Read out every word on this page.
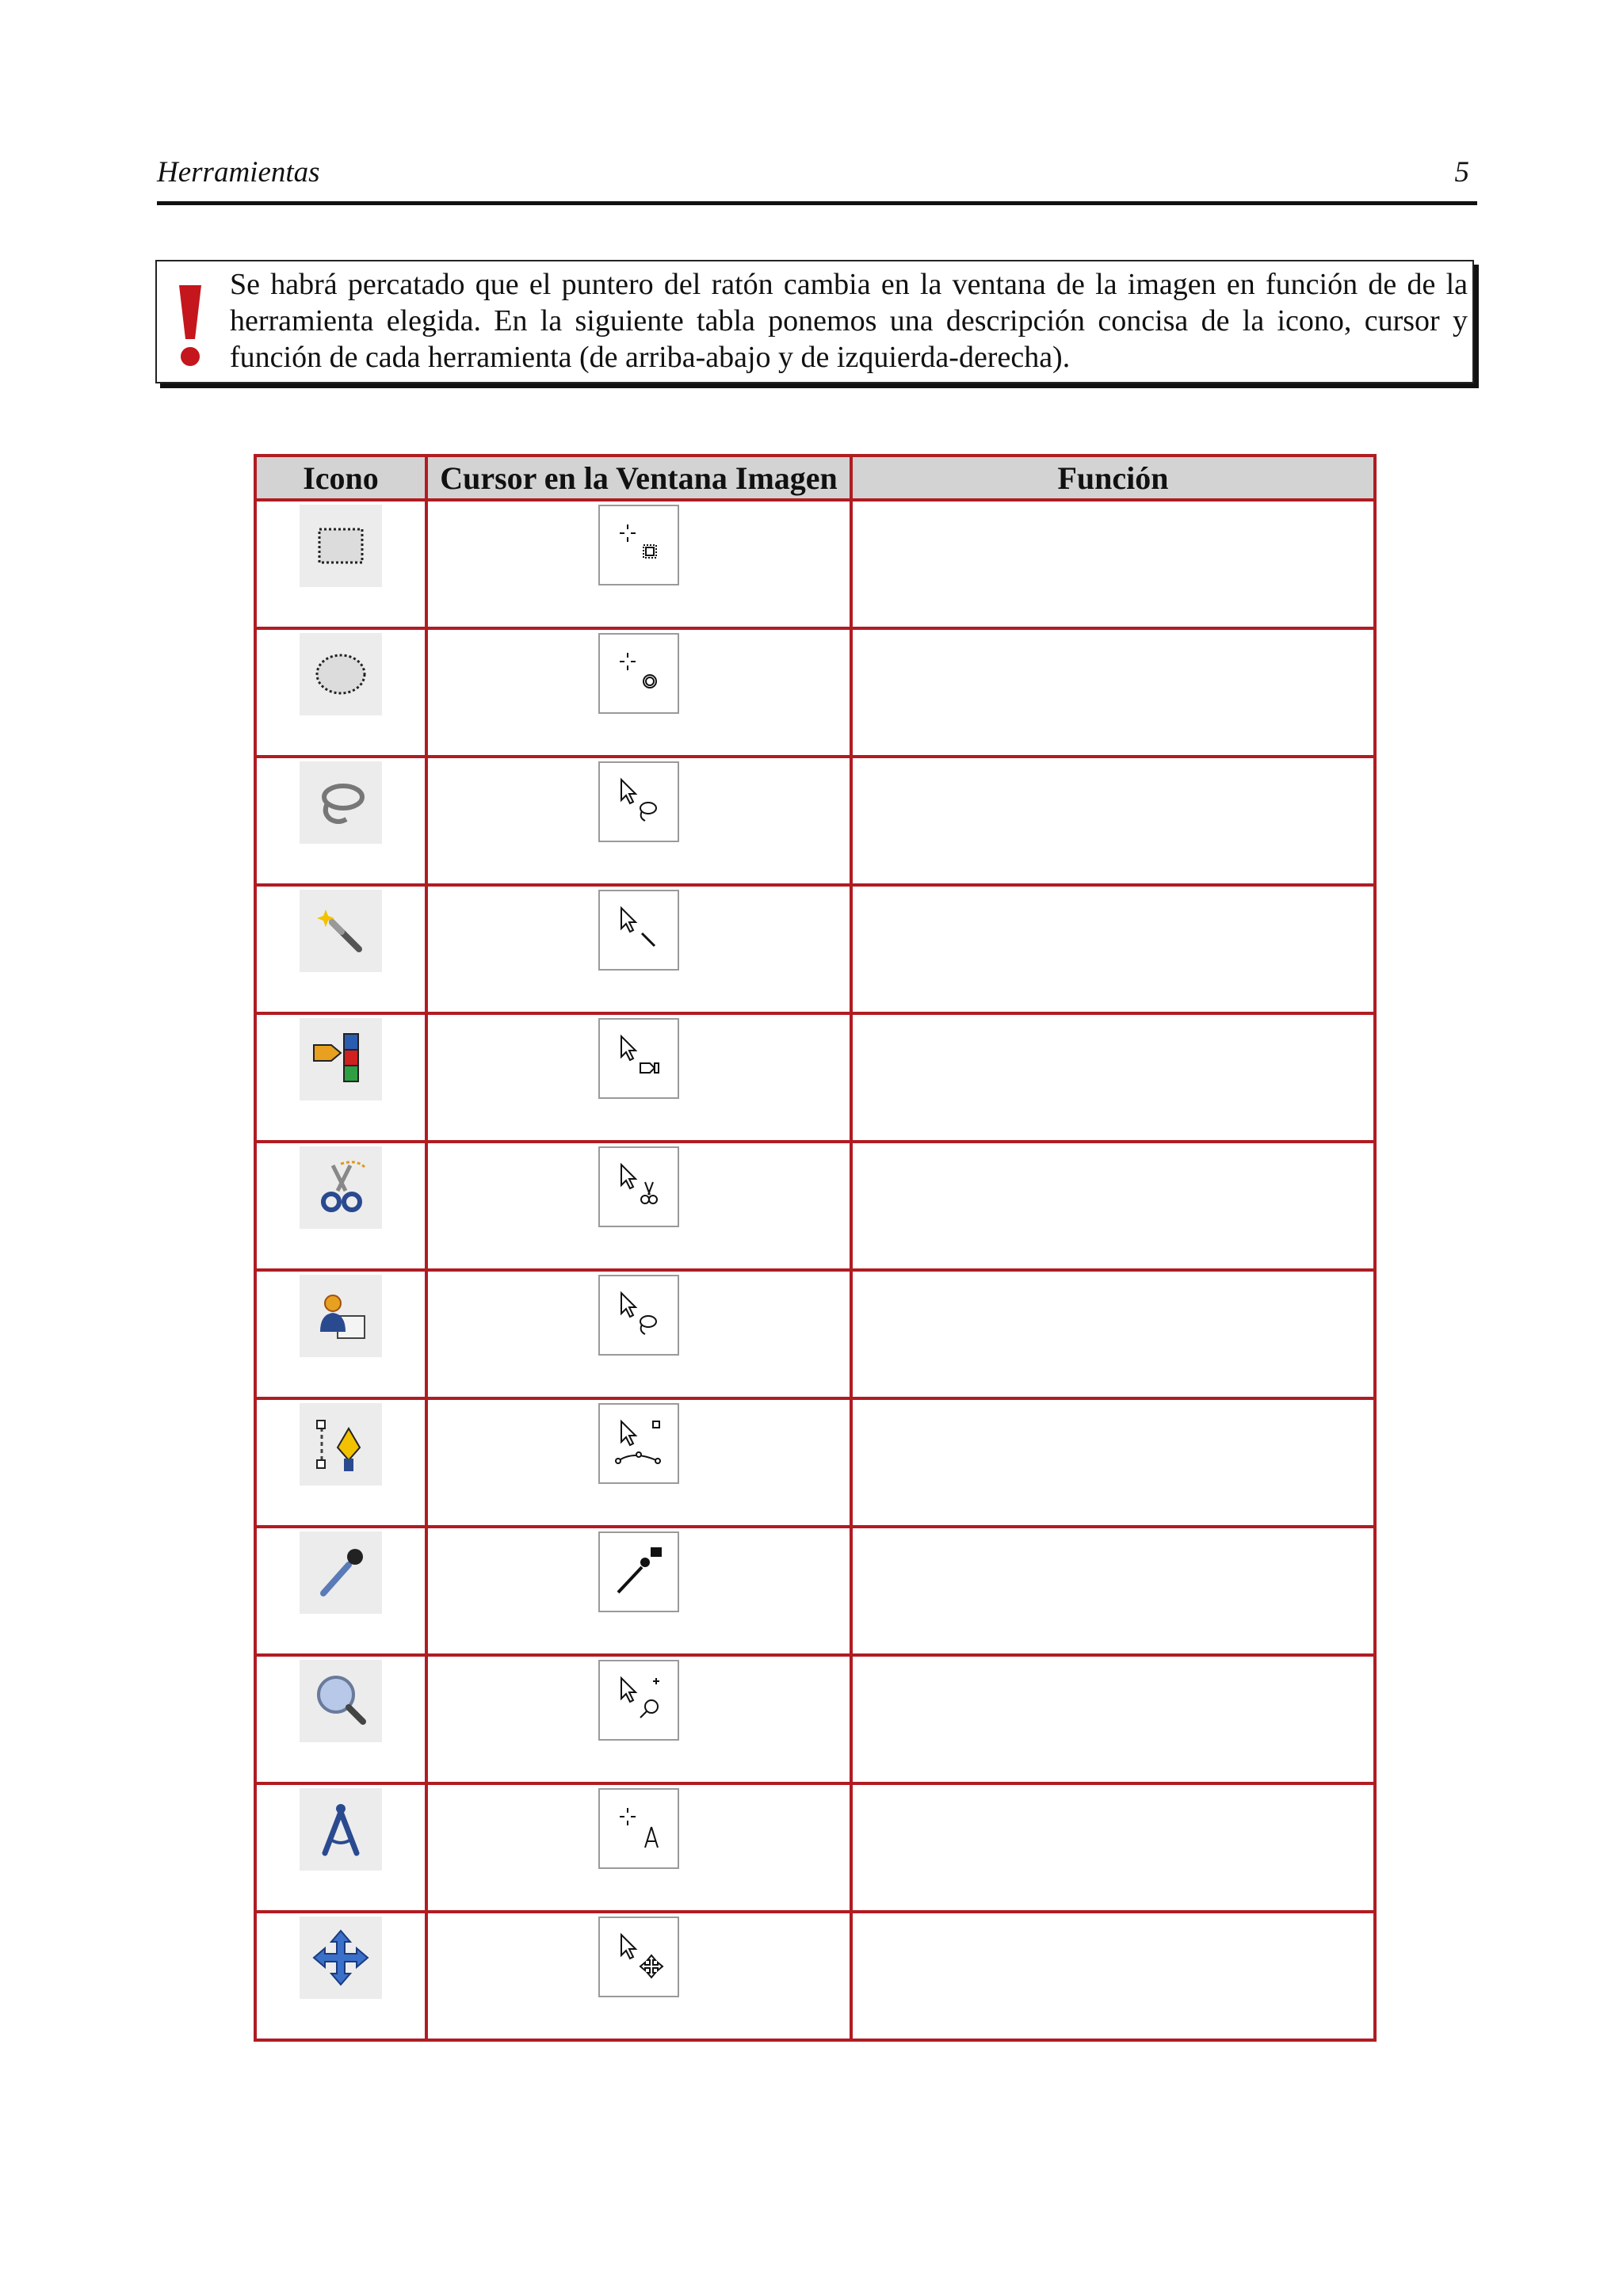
Herramientas	5
Se habrá percatado que el puntero del ratón cambia en la ventana de la imagen en función de de la herramienta elegida. En la siguiente tabla ponemos una descripción concisa de la icono, cursor y función de cada herramienta (de arriba-abajo y de izquierda-derecha).
Icono	Cursor en la Ventana Imagen	Función
